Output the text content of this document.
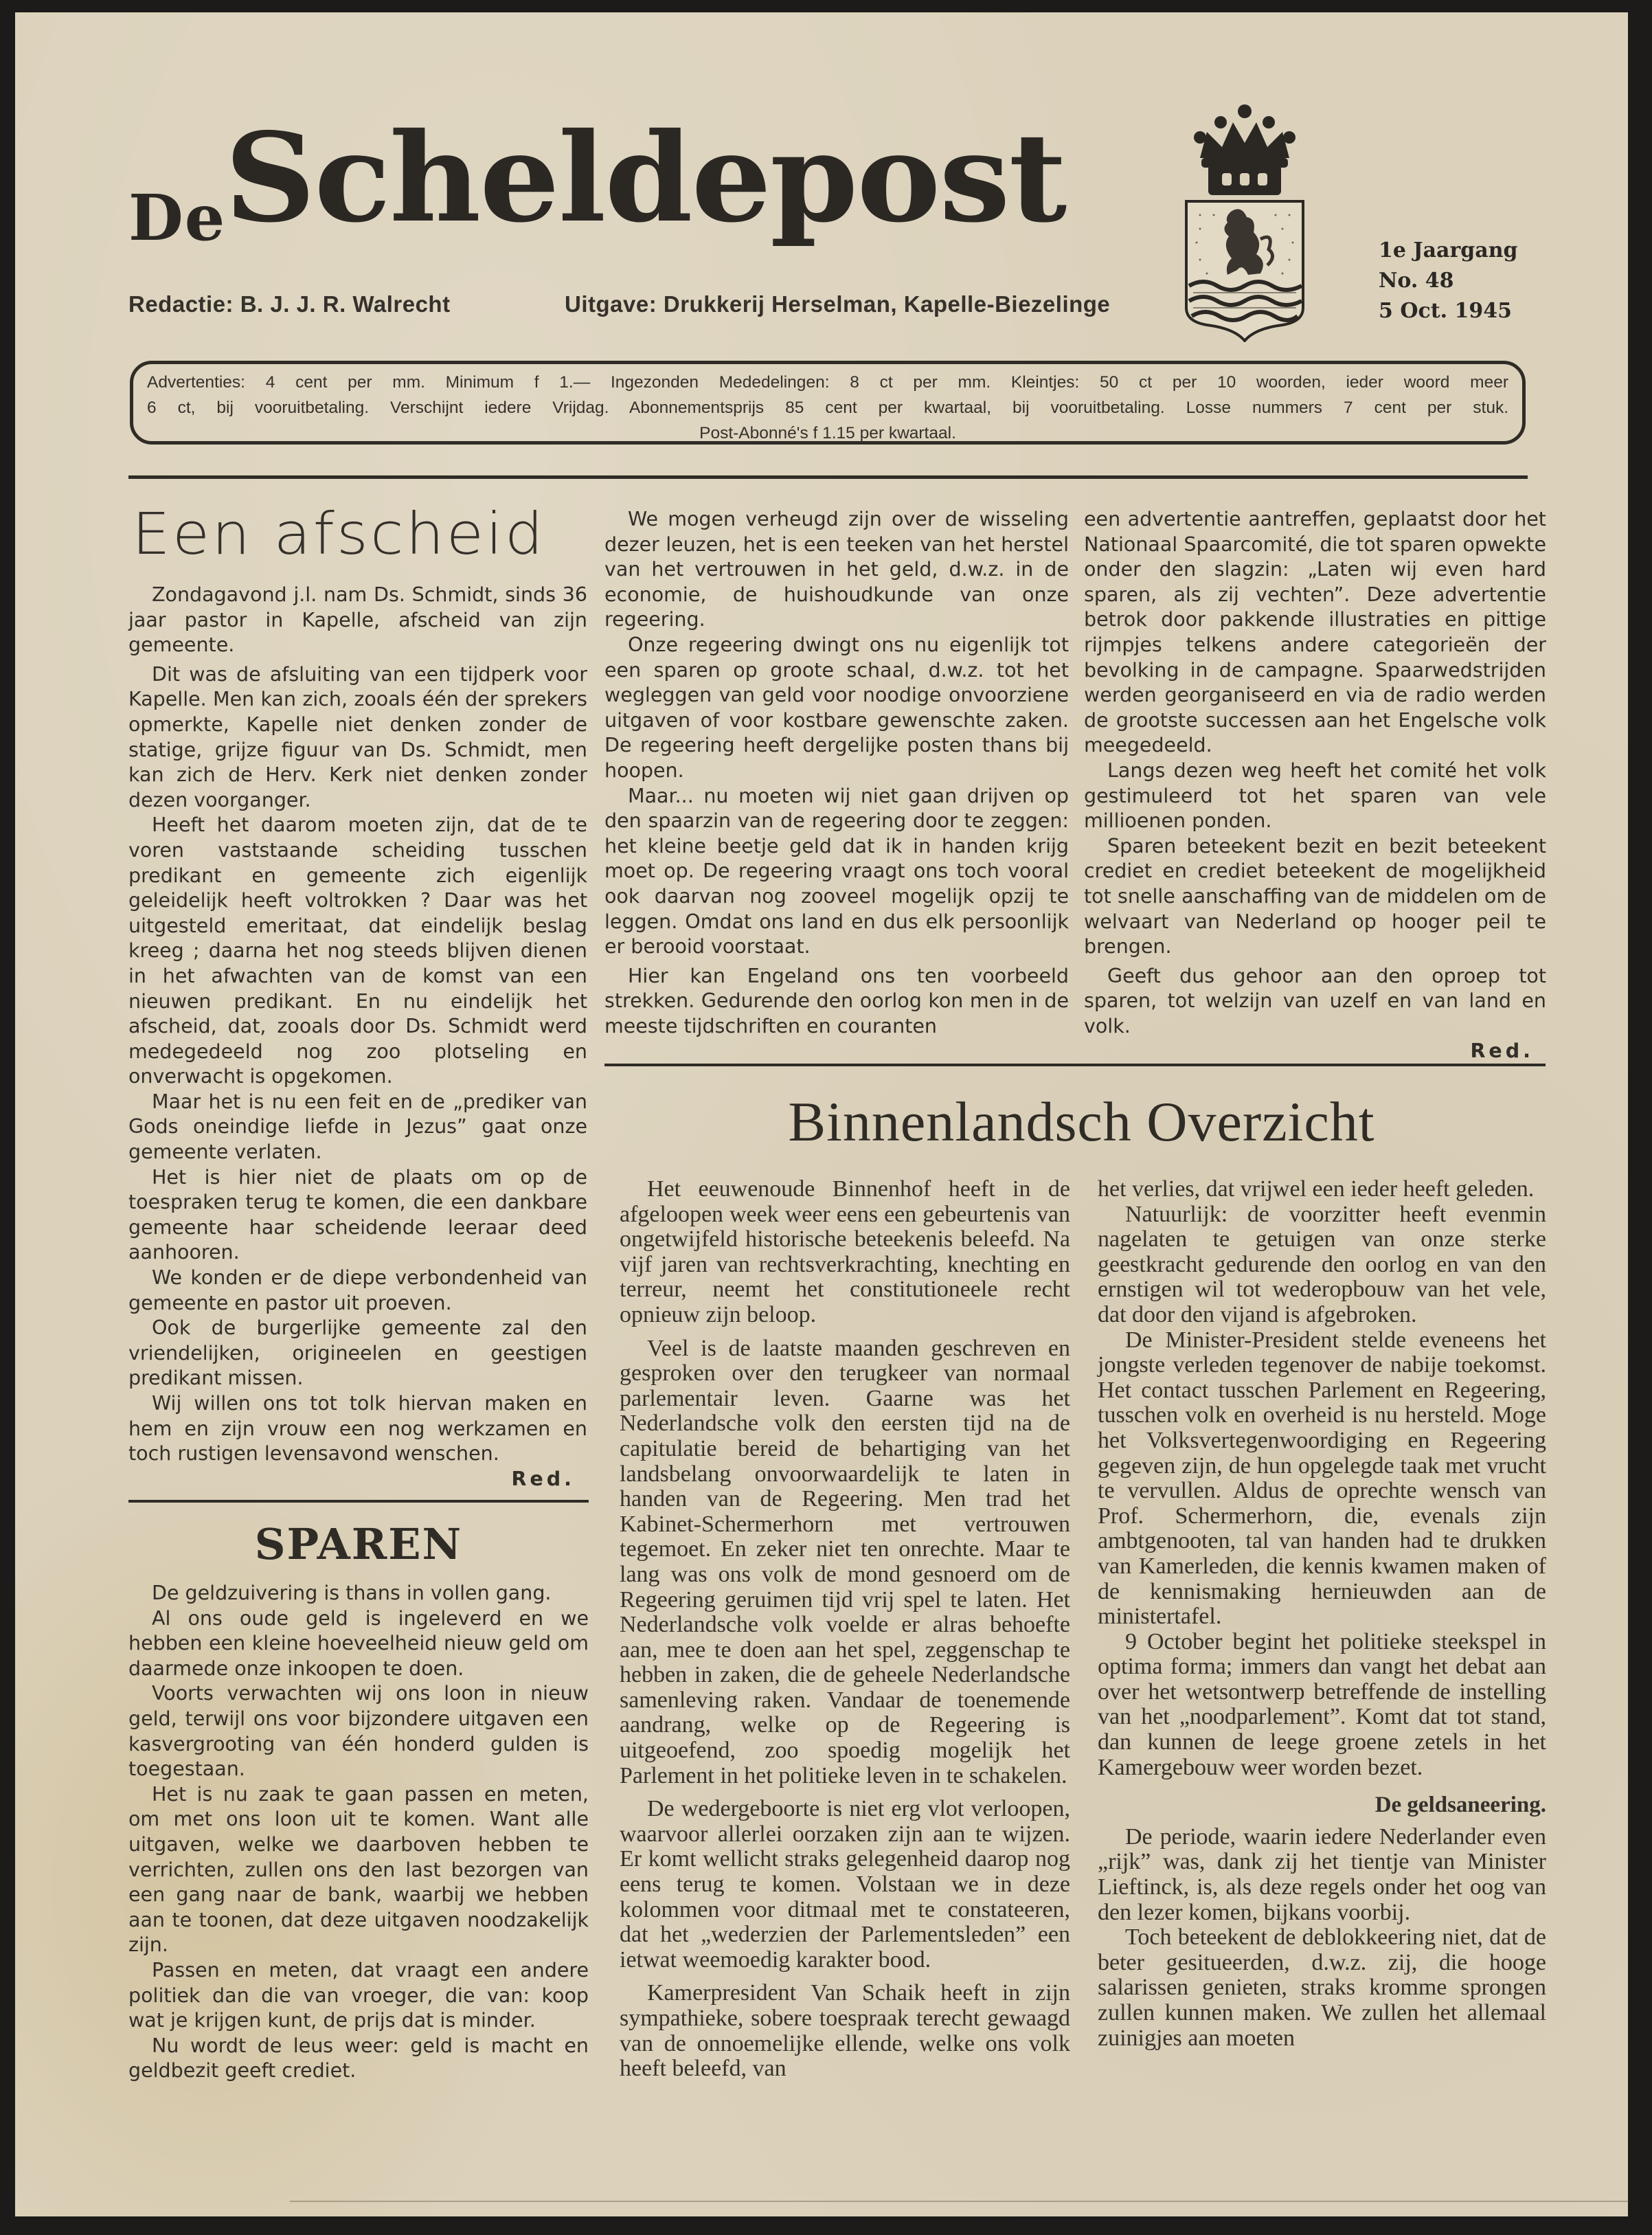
De
Scheldepost
Redactie: B. J. J. R. Walrecht	Uitgave: Drukkerij Herselman, Kapelle-Biezelinge
1e Jaargang
No. 48
5 Oct. 1945
Advertenties: 4 cent per mm. Minimum f 1.— Ingezonden Mededelingen: 8 ct per mm. Kleintjes: 50 ct per 10 woorden, ieder woord meer
6 ct, bij vooruitbetaling. Verschijnt iedere Vrijdag. Abonnementsprijs 85 cent per kwartaal, bij vooruitbetaling. Losse nummers 7 cent per stuk.
Post-Abonné's f 1.15 per kwartaal.
Een afscheid

Zondagavond j.l. nam Ds. Schmidt, sinds 36 jaar pastor in Kapelle, afscheid van zijn gemeente.

Dit was de afsluiting van een tijdperk voor Kapelle. Men kan zich, zooals één der sprekers opmerkte, Kapelle niet denken zonder de statige, grijze figuur van Ds. Schmidt, men kan zich de Herv. Kerk niet denken zonder dezen voorganger.

Heeft het daarom moeten zijn, dat de te voren vaststaande scheiding tusschen predikant en gemeente zich eigenlijk geleidelijk heeft voltrokken ? Daar was het uitgesteld emeritaat, dat eindelijk beslag kreeg ; daarna het nog steeds blijven dienen in het afwachten van de komst van een nieuwen predikant. En nu eindelijk het afscheid, dat, zooals door Ds. Schmidt werd medegedeeld nog zoo plotseling en onverwacht is opgekomen.

Maar het is nu een feit en de „prediker van Gods oneindige liefde in Jezus” gaat onze gemeente verlaten.

Het is hier niet de plaats om op de toespraken terug te komen, die een dankbare gemeente haar scheidende leeraar deed aanhooren.

We konden er de diepe verbondenheid van gemeente en pastor uit proeven.

Ook de burgerlijke gemeente zal den vriendelijken, origineelen en geestigen predikant missen.

Wij willen ons tot tolk hiervan maken en hem en zijn vrouw een nog werkzamen en toch rustigen levensavond wenschen.

Red.
SPAREN

De geldzuivering is thans in vollen gang.

Al ons oude geld is ingeleverd en we hebben een kleine hoeveelheid nieuw geld om daarmede onze inkoopen te doen.

Voorts verwachten wij ons loon in nieuw geld, terwijl ons voor bijzondere uitgaven een kasvergrooting van één honderd gulden is toegestaan.

Het is nu zaak te gaan passen en meten, om met ons loon uit te komen. Want alle uitgaven, welke we daarboven hebben te verrichten, zullen ons den last bezorgen van een gang naar de bank, waarbij we hebben aan te toonen, dat deze uitgaven noodzakelijk zijn.

Passen en meten, dat vraagt een andere politiek dan die van vroeger, die van: koop wat je krijgen kunt, de prijs dat is minder.

Nu wordt de leus weer: geld is macht en geldbezit geeft crediet.

We mogen verheugd zijn over de wisseling dezer leuzen, het is een teeken van het herstel van het vertrouwen in het geld, d.w.z. in de economie, de huishoudkunde van onze regeering.

Onze regeering dwingt ons nu eigenlijk tot een sparen op groote schaal, d.w.z. tot het wegleggen van geld voor noodige onvoorziene uitgaven of voor kostbare gewenschte zaken. De regeering heeft dergelijke posten thans bij hoopen.

Maar... nu moeten wij niet gaan drijven op den spaarzin van de regeering door te zeggen: het kleine beetje geld dat ik in handen krijg moet op. De regeering vraagt ons toch vooral ook daarvan nog zooveel mogelijk opzij te leggen. Omdat ons land en dus elk persoonlijk er berooid voorstaat.

Hier kan Engeland ons ten voorbeeld strekken. Gedurende den oorlog kon men in de meeste tijdschriften en couranten

een advertentie aantreffen, geplaatst door het Nationaal Spaarcomité, die tot sparen opwekte onder den slagzin: „Laten wij even hard sparen, als zij vechten”. Deze advertentie betrok door pakkende illustraties en pittige rijmpjes telkens andere categorieën der bevolking in de campagne. Spaarwedstrijden werden georganiseerd en via de radio werden de grootste successen aan het Engelsche volk meegedeeld.

Langs dezen weg heeft het comité het volk gestimuleerd tot het sparen van vele millioenen ponden.

Sparen beteekent bezit en bezit beteekent crediet en crediet beteekent de mogelijkheid tot snelle aanschaffing van de middelen om de welvaart van Nederland op hooger peil te brengen.

Geeft dus gehoor aan den oproep tot sparen, tot welzijn van uzelf en van land en volk.

Red.
Binnenlandsch Overzicht

Het eeuwenoude Binnenhof heeft in de afgeloopen week weer eens een gebeurtenis van ongetwijfeld historische beteekenis beleefd. Na vijf jaren van rechtsverkrachting, knechting en terreur, neemt het constitutioneele recht opnieuw zijn beloop.

Veel is de laatste maanden geschreven en gesproken over den terugkeer van normaal parlementair leven. Gaarne was het Nederlandsche volk den eersten tijd na de capitulatie bereid de behartiging van het landsbelang onvoorwaardelijk te laten in handen van de Regeering. Men trad het Kabinet-Schermerhorn met vertrouwen tegemoet. En zeker niet ten onrechte. Maar te lang was ons volk de mond gesnoerd om de Regeering geruimen tijd vrij spel te laten. Het Nederlandsche volk voelde er alras behoefte aan, mee te doen aan het spel, zeggenschap te hebben in zaken, die de geheele Nederlandsche samenleving raken. Vandaar de toenemende aandrang, welke op de Regeering is uitgeoefend, zoo spoedig mogelijk het Parlement in het politieke leven in te schakelen.

De wedergeboorte is niet erg vlot verloopen, waarvoor allerlei oorzaken zijn aan te wijzen. Er komt wellicht straks gelegenheid daarop nog eens terug te komen. Volstaan we in deze kolommen voor ditmaal met te constateeren, dat het „wederzien der Parlementsleden” een ietwat weemoedig karakter bood.

Kamerpresident Van Schaik heeft in zijn sympathieke, sobere toespraak terecht gewaagd van de onnoemelijke ellende, welke ons volk heeft beleefd, van

het verlies, dat vrijwel een ieder heeft geleden.

Natuurlijk: de voorzitter heeft evenmin nagelaten te getuigen van onze sterke geestkracht gedurende den oorlog en van den ernstigen wil tot wederopbouw van het vele, dat door den vijand is afgebroken.

De Minister-President stelde eveneens het jongste verleden tegenover de nabije toekomst. Het contact tusschen Parlement en Regeering, tusschen volk en overheid is nu hersteld. Moge het Volksvertegenwoordiging en Regeering gegeven zijn, de hun opgelegde taak met vrucht te vervullen. Aldus de oprechte wensch van Prof. Schermerhorn, die, evenals zijn ambtgenooten, tal van handen had te drukken van Kamerleden, die kennis kwamen maken of de kennismaking hernieuwden aan de ministertafel.

9 October begint het politieke steekspel in optima forma; immers dan vangt het debat aan over het wetsontwerp betreffende de instelling van het „noodparlement”. Komt dat tot stand, dan kunnen de leege groene zetels in het Kamergebouw weer worden bezet.

De geldsaneering.

De periode, waarin iedere Nederlander even „rijk” was, dank zij het tientje van Minister Lieftinck, is, als deze regels onder het oog van den lezer komen, bijkans voorbij.

Toch beteekent de deblokkeering niet, dat de beter gesitueerden, d.w.z. zij, die hooge salarissen genieten, straks kromme sprongen zullen kunnen maken. We zullen het allemaal zuinigjes aan moeten
